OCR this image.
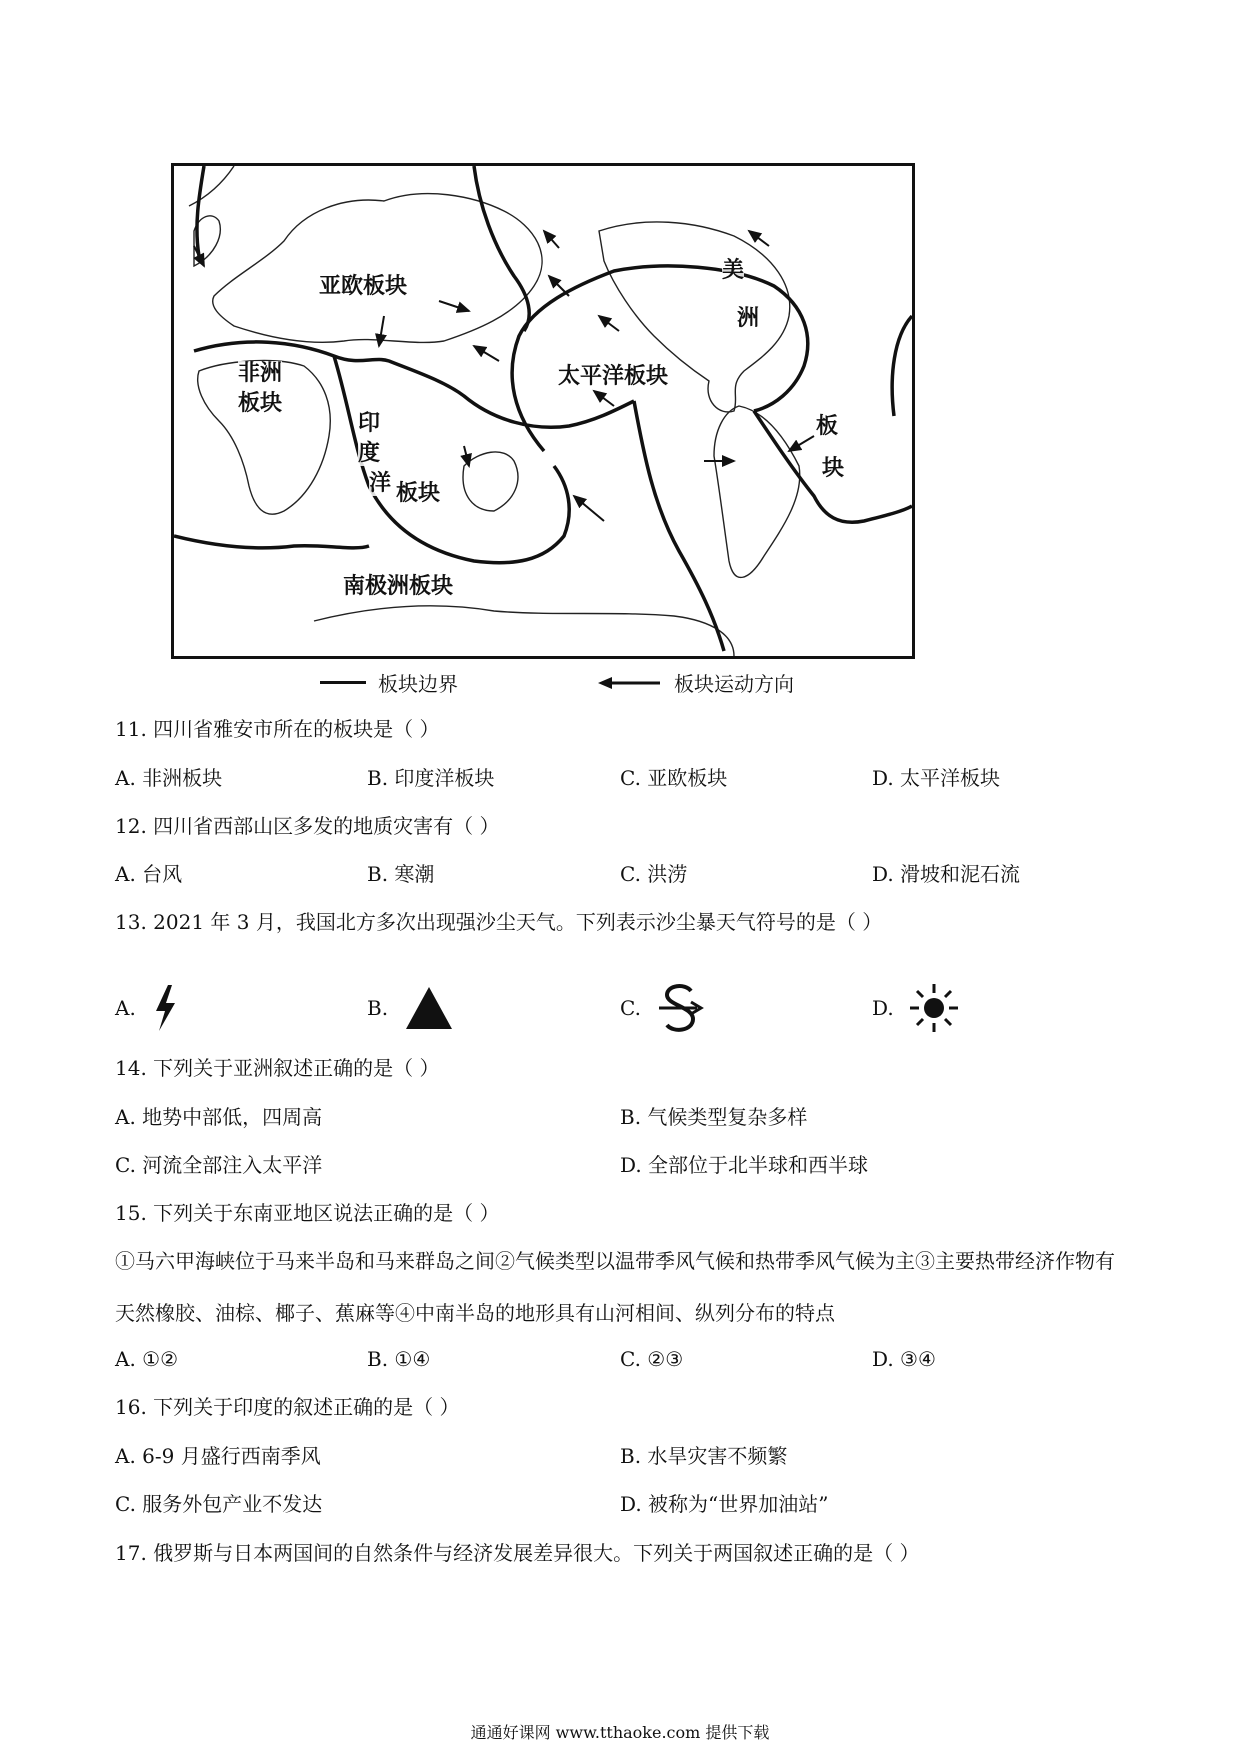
亚欧板块
非洲
板块
印
度
洋 板块
太平洋板块
美
洲
板
块
南极洲板块
板块边界	板块运动方向
11. 四川省雅安市所在的板块是（ ）
A. 非洲板块	B. 印度洋板块	C. 亚欧板块	D. 太平洋板块
12. 四川省西部山区多发的地质灾害有（ ）
A. 台风	B. 寒潮	C. 洪涝	D. 滑坡和泥石流
13. 2021 年 3 月，我国北方多次出现强沙尘天气。下列表示沙尘暴天气符号的是（ ）
A.	B.	C.	D.
14. 下列关于亚洲叙述正确的是（ ）
A. 地势中部低，四周高	B. 气候类型复杂多样
C. 河流全部注入太平洋	D. 全部位于北半球和西半球
15. 下列关于东南亚地区说法正确的是（ ）
①马六甲海峡位于马来半岛和马来群岛之间②气候类型以温带季风气候和热带季风气候为主③主要热带经济作物有天然橡胶、油棕、椰子、蕉麻等④中南半岛的地形具有山河相间、纵列分布的特点
A. ①②	B. ①④	C. ②③	D. ③④
16. 下列关于印度的叙述正确的是（ ）
A. 6-9 月盛行西南季风	B. 水旱灾害不频繁
C. 服务外包产业不发达	D. 被称为“世界加油站”
17. 俄罗斯与日本两国间的自然条件与经济发展差异很大。下列关于两国叙述正确的是（ ）
通通好课网 www.tthaoke.com 提供下载
